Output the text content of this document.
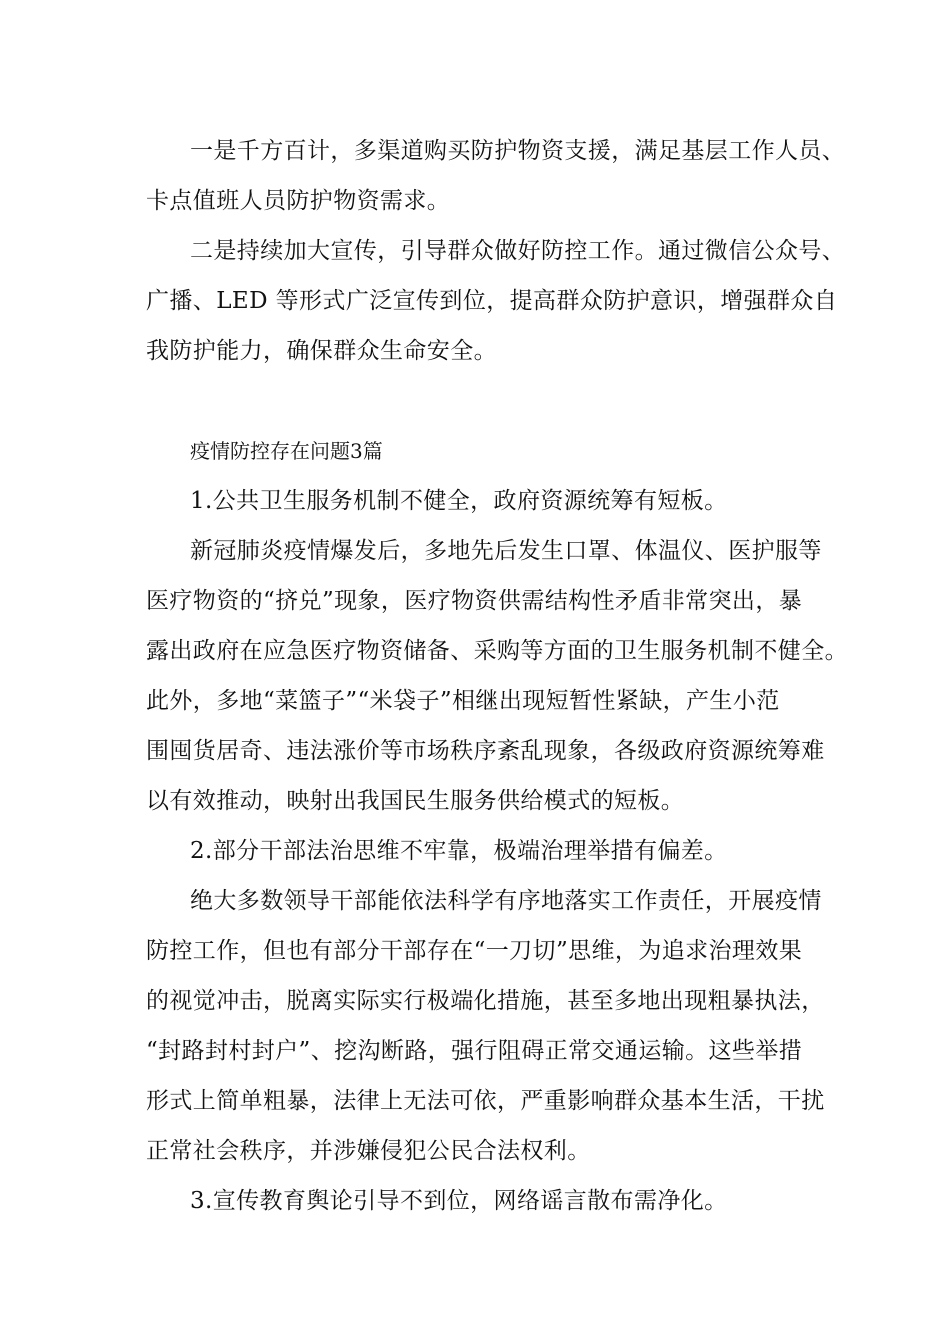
一是千方百计，多渠道购买防护物资支援，满足基层工作人员、
卡点值班人员防护物资需求。
二是持续加大宣传，引导群众做好防控工作。通过微信公众号、
广播、LED 等形式广泛宣传到位，提高群众防护意识，增强群众自
我防护能力，确保群众生命安全。
疫情防控存在问题3篇
1.公共卫生服务机制不健全，政府资源统筹有短板。
新冠肺炎疫情爆发后，多地先后发生口罩、体温仪、医护服等
医疗物资的“挤兑”现象，医疗物资供需结构性矛盾非常突出，暴
露出政府在应急医疗物资储备、采购等方面的卫生服务机制不健全。
此外，多地“菜篮子”“米袋子”相继出现短暂性紧缺，产生小范
围囤货居奇、违法涨价等市场秩序紊乱现象，各级政府资源统筹难
以有效推动，映射出我国民生服务供给模式的短板。
2.部分干部法治思维不牢靠，极端治理举措有偏差。
绝大多数领导干部能依法科学有序地落实工作责任，开展疫情
防控工作，但也有部分干部存在“一刀切”思维，为追求治理效果
的视觉冲击，脱离实际实行极端化措施，甚至多地出现粗暴执法，
“封路封村封户”、挖沟断路，强行阻碍正常交通运输。这些举措
形式上简单粗暴，法律上无法可依，严重影响群众基本生活，干扰
正常社会秩序，并涉嫌侵犯公民合法权利。
3.宣传教育舆论引导不到位，网络谣言散布需净化。
